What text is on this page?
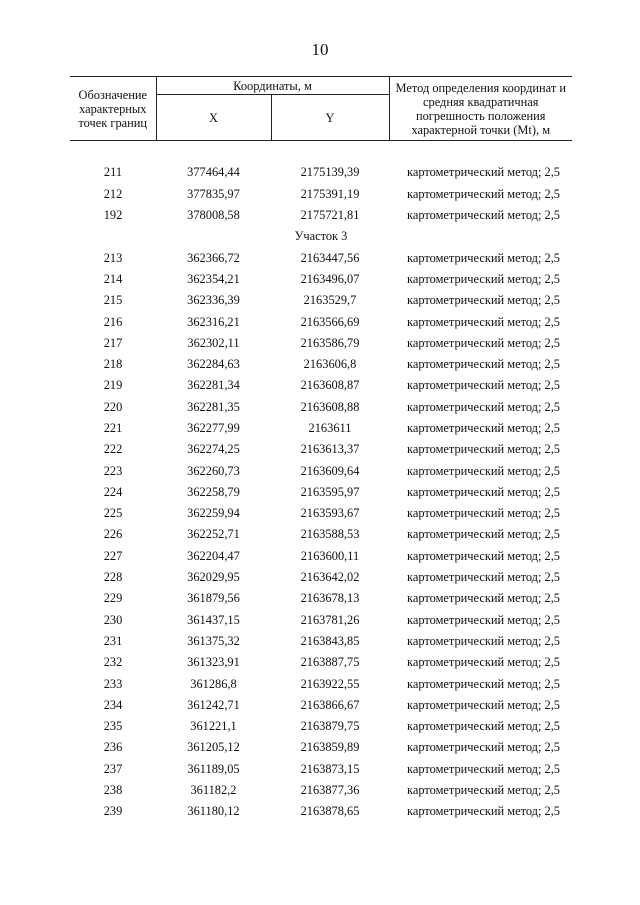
10
Обозначение характерных точек границ	Координаты, м		Метод определения координат и средняя квадратичная погрешность положения характерной точки (Mt), м
	X	Y	

211	377464,44	2175139,39	картометрический метод; 2,5
212	377835,97	2175391,19	картометрический метод; 2,5
192	378008,58	2175721,81	картометрический метод; 2,5
Участок 3			
213	362366,72	2163447,56	картометрический метод; 2,5
214	362354,21	2163496,07	картометрический метод; 2,5
215	362336,39	2163529,7	картометрический метод; 2,5
216	362316,21	2163566,69	картометрический метод; 2,5
217	362302,11	2163586,79	картометрический метод; 2,5
218	362284,63	2163606,8	картометрический метод; 2,5
219	362281,34	2163608,87	картометрический метод; 2,5
220	362281,35	2163608,88	картометрический метод; 2,5
221	362277,99	2163611	картометрический метод; 2,5
222	362274,25	2163613,37	картометрический метод; 2,5
223	362260,73	2163609,64	картометрический метод; 2,5
224	362258,79	2163595,97	картометрический метод; 2,5
225	362259,94	2163593,67	картометрический метод; 2,5
226	362252,71	2163588,53	картометрический метод; 2,5
227	362204,47	2163600,11	картометрический метод; 2,5
228	362029,95	2163642,02	картометрический метод; 2,5
229	361879,56	2163678,13	картометрический метод; 2,5
230	361437,15	2163781,26	картометрический метод; 2,5
231	361375,32	2163843,85	картометрический метод; 2,5
232	361323,91	2163887,75	картометрический метод; 2,5
233	361286,8	2163922,55	картометрический метод; 2,5
234	361242,71	2163866,67	картометрический метод; 2,5
235	361221,1	2163879,75	картометрический метод; 2,5
236	361205,12	2163859,89	картометрический метод; 2,5
237	361189,05	2163873,15	картометрический метод; 2,5
238	361182,2	2163877,36	картометрический метод; 2,5
239	361180,12	2163878,65	картометрический метод; 2,5
